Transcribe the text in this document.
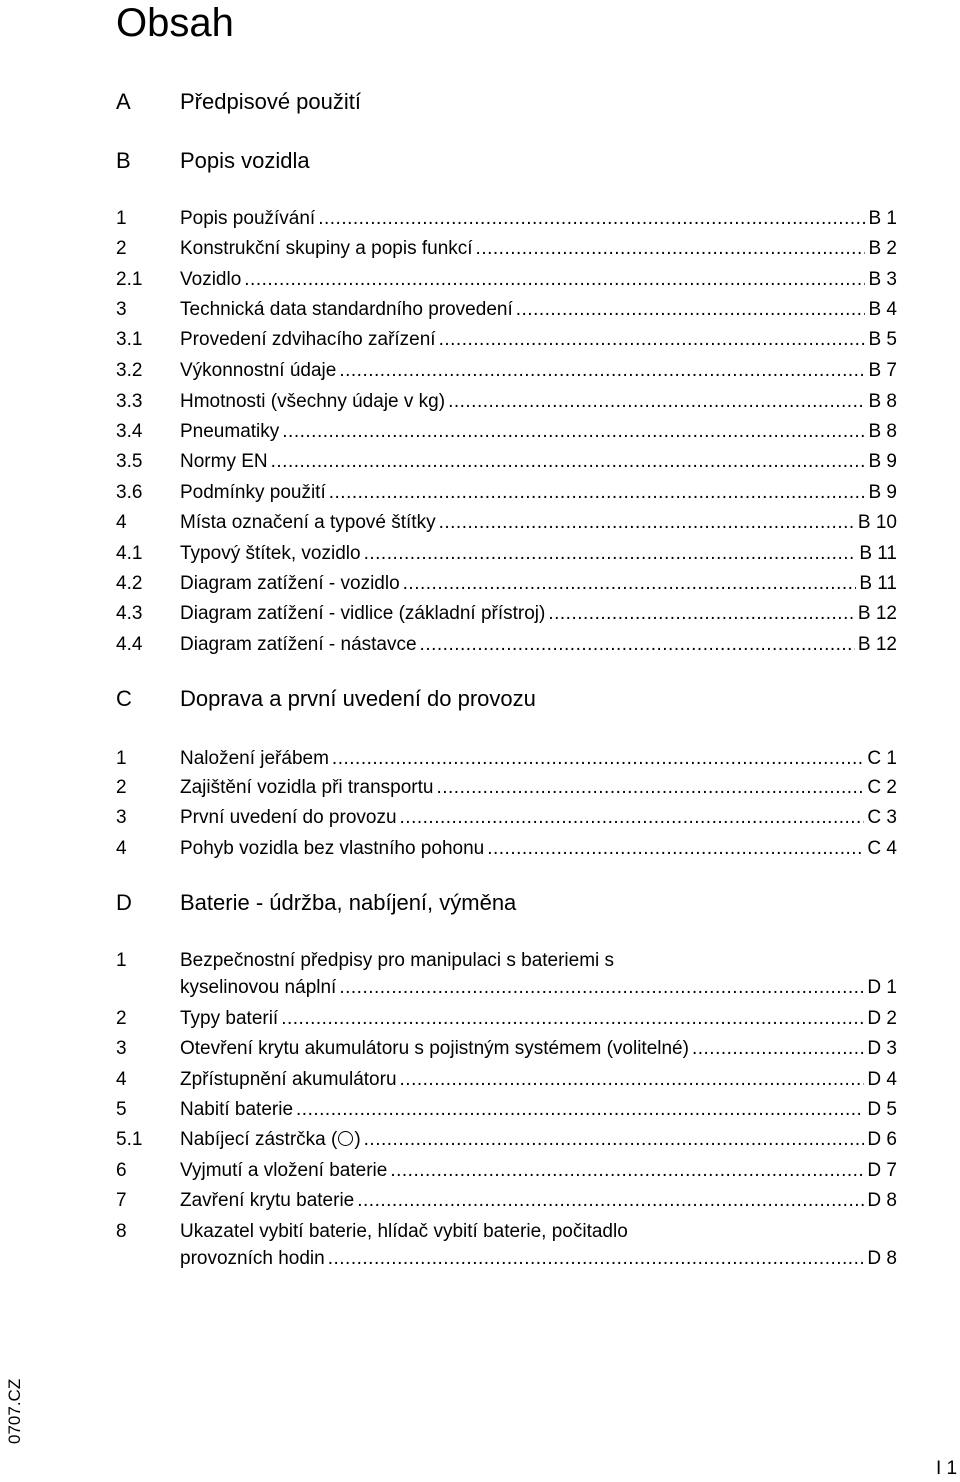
Obsah
A Předpisové použití
B Popis vozidla
1	Popis používání .....	B 1
2	Konstrukční skupiny a popis funkcí .....	B 2
2.1 Vozidlo .....	B 3
3	Technická data standardního provedení .....	B 4
3.1 Provedení zdvihacího zařízení .....	B 5
3.2 Výkonnostní údaje .....	B 7
3.3 Hmotnosti (všechny údaje v kg) .....	B 8
3.4 Pneumatiky .....	B 8
3.5 Normy EN .....	B 9
3.6 Podmínky použití .....	B 9
4	Místa označení a typové štítky .....	B 10
4.1 Typový štítek, vozidlo .....	B 11
4.2 Diagram zatížení - vozidlo .....	B 11
4.3 Diagram zatížení - vidlice (základní přístroj) .....	B 12
4.4 Diagram zatížení - nástavce .....	B 12
C Doprava a první uvedení do provozu
1	Naložení jeřábem .....	C 1
2	Zajištění vozidla při transportu .....	C 2
3	První uvedení do provozu .....	C 3
4	Pohyb vozidla bez vlastního pohonu .....	C 4
D Baterie - údržba, nabíjení, výměna
1	Bezpečnostní předpisy pro manipulaci s bateriemi s
kyselinovou náplní .....	D 1
2	Typy baterií .....	D 2
3	Otevření krytu akumulátoru s pojistným systémem (volitelné) .....	D 3
4	Zpřístupnění akumulátoru .....	D 4
5	Nabití baterie .....	D 5
5.1 Nabíjecí zástrčka ( ) .....	D 6
6	Vyjmutí a vložení baterie .....	D 7
7	Zavření krytu baterie .....	D 8
8	Ukazatel vybití baterie, hlídač vybití baterie, počitadlo
provozních hodin .....	D 8
0707.CZ
I 1
